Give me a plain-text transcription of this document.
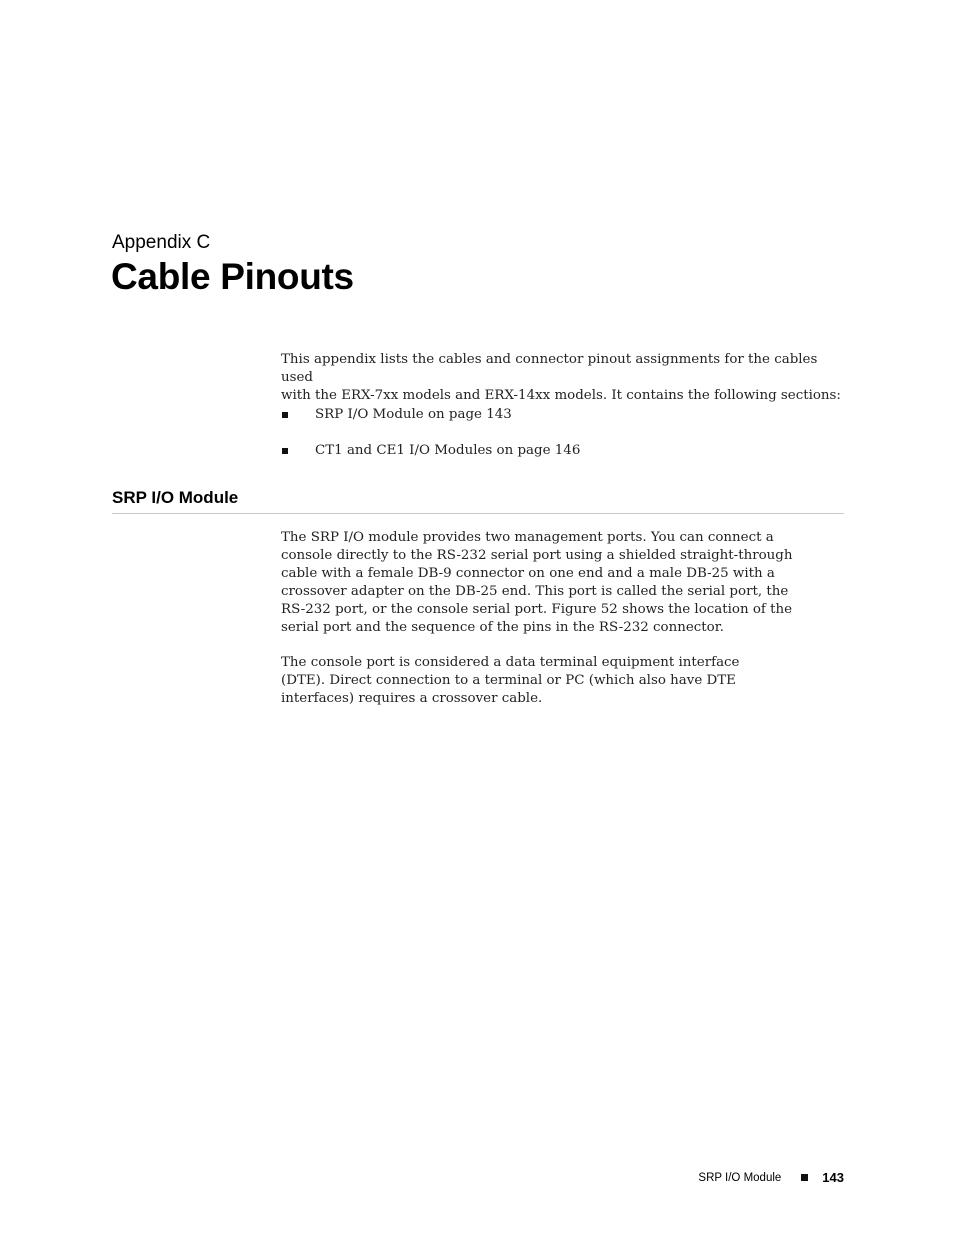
Appendix C
Cable Pinouts

This appendix lists the cables and connector pinout assignments for the cables used

with the ERX-7xx models and ERX-14xx models. It contains the following sections:

SRP I/O Module on page 143
CT1 and CE1 I/O Modules on page 146
SRP I/O Module

The SRP I/O module provides two management ports. You can connect a

console directly to the RS-232 serial port using a shielded straight-through

cable with a female DB-9 connector on one end and a male DB-25 with a

crossover adapter on the DB-25 end. This port is called the serial port, the

RS-232 port, or the console serial port. Figure 52 shows the location of the

serial port and the sequence of the pins in the RS-232 connector.

The console port is considered a data terminal equipment interface

(DTE). Direct connection to a terminal or PC (which also have DTE

interfaces) requires a crossover cable.

SRP I/O Module	143
